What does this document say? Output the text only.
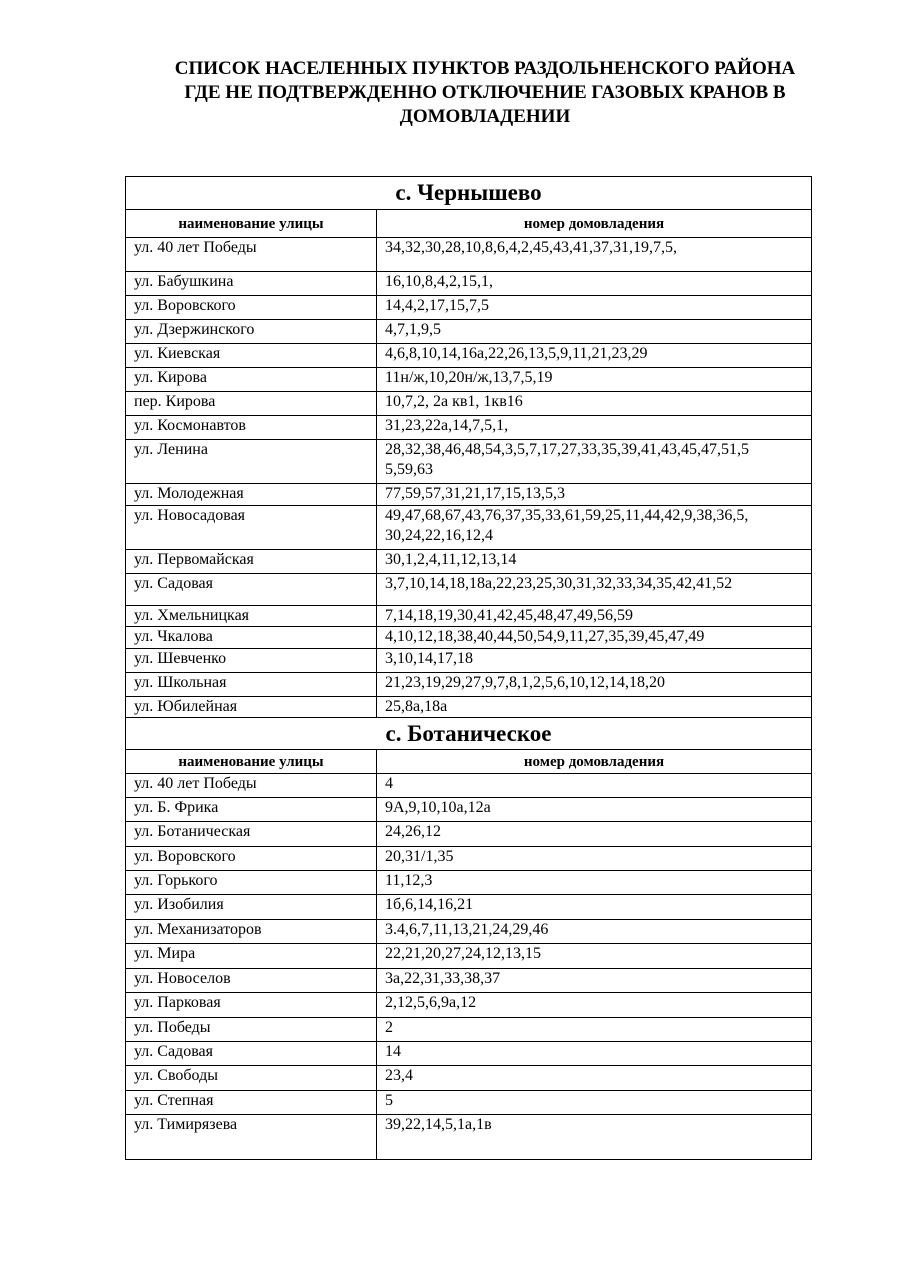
СПИСОК НАСЕЛЕННЫХ ПУНКТОВ РАЗДОЛЬНЕНСКОГО РАЙОНА
ГДЕ НЕ ПОДТВЕРЖДЕННО ОТКЛЮЧЕНИЕ ГАЗОВЫХ КРАНОВ В
ДОМОВЛАДЕНИИ
с. Чернышево	
наименование улицы	номер домовладения
ул. 40 лет Победы	34,32,30,28,10,8,6,4,2,45,43,41,37,31,19,7,5,

ул. Бабушкина	16,10,8,4,2,15,1,

ул. Воровского	14,4,2,17,15,7,5

ул. Дзержинского	4,7,1,9,5

ул. Киевская	4,6,8,10,14,16а,22,26,13,5,9,11,21,23,29

ул. Кирова	11н/ж,10,20н/ж,13,7,5,19

пер. Кирова	10,7,2, 2а кв1, 1кв16

ул. Космонавтов	31,23,22а,14,7,5,1,

ул. Ленина	28,32,38,46,48,54,3,5,7,17,27,33,35,39,41,43,45,47,51,5
5,59,63

ул. Молодежная	77,59,57,31,21,17,15,13,5,3

ул. Новосадовая	49,47,68,67,43,76,37,35,33,61,59,25,11,44,42,9,38,36,5,
30,24,22,16,12,4

ул. Первомайская	30,1,2,4,11,12,13,14

ул. Садовая	3,7,10,14,18,18а,22,23,25,30,31,32,33,34,35,42,41,52

ул. Хмельницкая	7,14,18,19,30,41,42,45,48,47,49,56,59

ул. Чкалова	4,10,12,18,38,40,44,50,54,9,11,27,35,39,45,47,49

ул. Шевченко	3,10,14,17,18

ул. Школьная	21,23,19,29,27,9,7,8,1,2,5,6,10,12,14,18,20

ул. Юбилейная	25,8а,18а

с. Ботаническое	
наименование улицы	номер домовладения
ул. 40 лет Победы	4

ул. Б. Фрика	9А,9,10,10а,12а

ул. Ботаническая	24,26,12

ул. Воровского	20,31/1,35

ул. Горького	11,12,3

ул. Изобилия	1б,6,14,16,21

ул. Механизаторов	3.4,6,7,11,13,21,24,29,46

ул. Мира	22,21,20,27,24,12,13,15

ул. Новоселов	3а,22,31,33,38,37

ул. Парковая	2,12,5,6,9а,12

ул. Победы	2

ул. Садовая	14

ул. Свободы	23,4

ул. Степная	5

ул. Тимирязева	39,22,14,5,1а,1в
